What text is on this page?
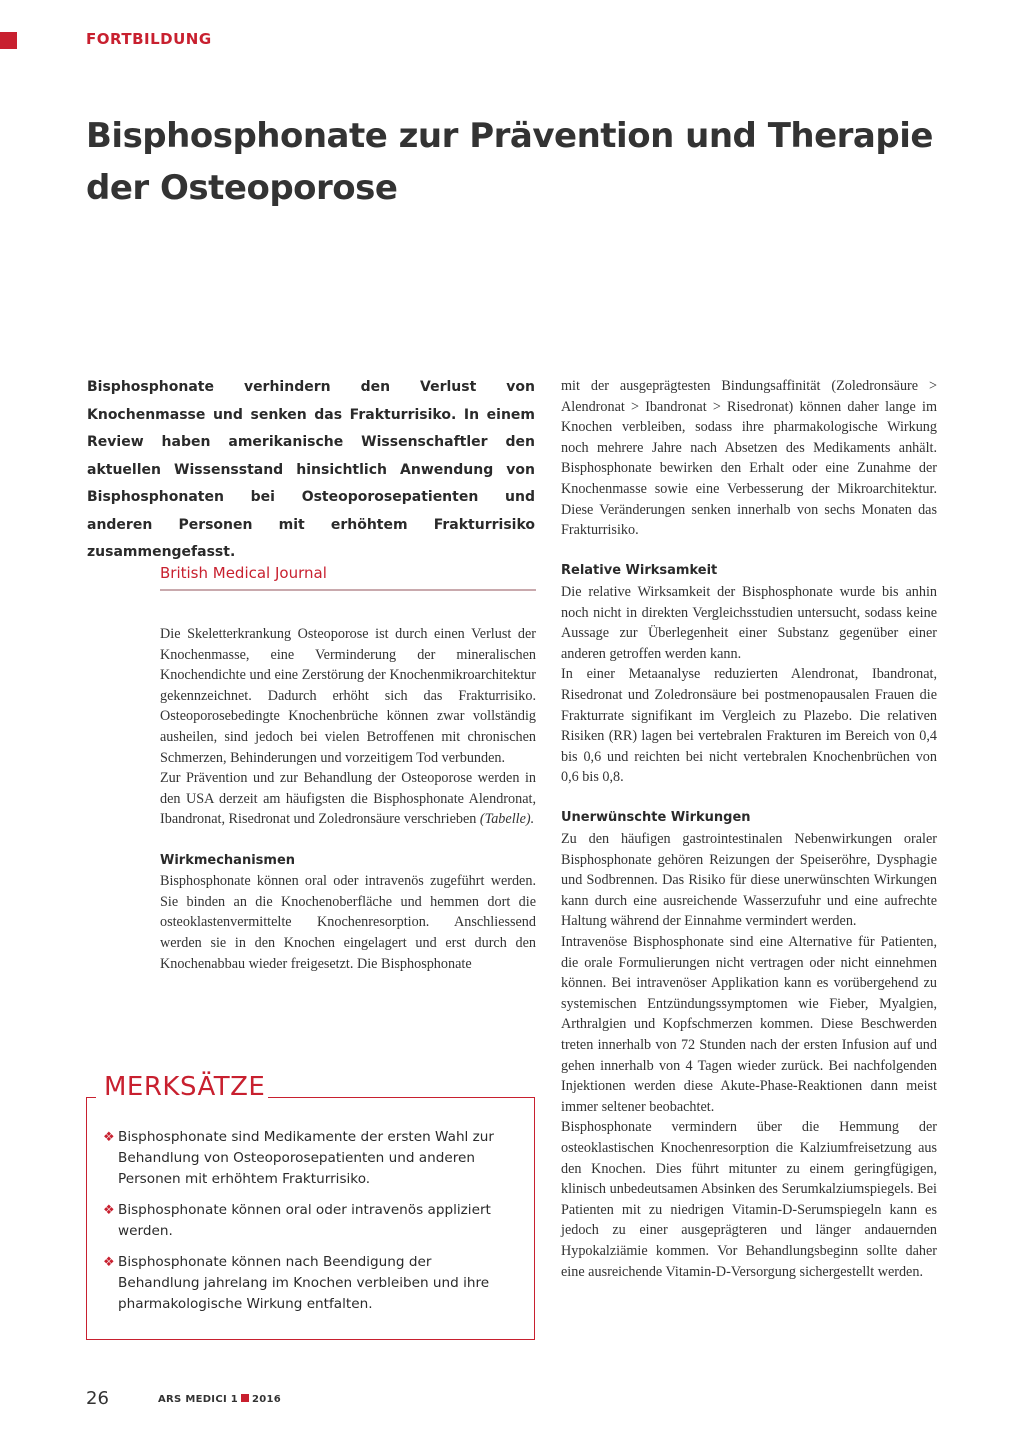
FORTBILDUNG

Bisphosphonate zur Prävention und Therapie
der Osteoporose

Bisphosphonate verhindern den Verlust von Knochenmasse und senken das Frakturrisiko. In einem Review haben amerikanische Wissenschaftler den aktuellen Wissensstand hinsichtlich Anwendung von Bisphosphonaten bei Osteoporosepatienten und anderen Personen mit erhöhtem Frakturrisiko zusammengefasst.

British Medical Journal

Die Skeletterkrankung Osteoporose ist durch einen Verlust der Knochenmasse, eine Verminderung der mineralischen Knochendichte und eine Zerstörung der Knochenmikroarchitektur gekennzeichnet. Dadurch erhöht sich das Frakturrisiko. Osteoporosebedingte Knochenbrüche können zwar vollständig ausheilen, sind jedoch bei vielen Betroffenen mit chronischen Schmerzen, Behinderungen und vorzeitigem Tod verbunden.

Zur Prävention und zur Behandlung der Osteoporose werden in den USA derzeit am häufigsten die Bisphosphonate Alendronat, Ibandronat, Risedronat und Zoledronsäure verschrieben (Tabelle).

Wirkmechanismen

Bisphosphonate können oral oder intravenös zugeführt werden. Sie binden an die Knochenoberfläche und hemmen dort die osteoklastenvermittelte Knochenresorption. Anschliessend werden sie in den Knochen eingelagert und erst durch den Knochenabbau wieder freigesetzt. Die Bisphosphonate

mit der ausgeprägtesten Bindungsaffinität (Zoledronsäure > Alendronat > Ibandronat > Risedronat) können daher lange im Knochen verbleiben, sodass ihre pharmakologische Wirkung noch mehrere Jahre nach Absetzen des Medikaments anhält. Bisphosphonate bewirken den Erhalt oder eine Zunahme der Knochenmasse sowie eine Verbesserung der Mikroarchitektur. Diese Veränderungen senken innerhalb von sechs Monaten das Frakturrisiko.

Relative Wirksamkeit

Die relative Wirksamkeit der Bisphosphonate wurde bis anhin noch nicht in direkten Vergleichsstudien untersucht, sodass keine Aussage zur Überlegenheit einer Substanz gegenüber einer anderen getroffen werden kann.

In einer Metaanalyse reduzierten Alendronat, Ibandronat, Risedronat und Zoledronsäure bei postmenopausalen Frauen die Frakturrate signifikant im Vergleich zu Plazebo. Die relativen Risiken (RR) lagen bei vertebralen Frakturen im Bereich von 0,4 bis 0,6 und reichten bei nicht vertebralen Knochenbrüchen von 0,6 bis 0,8.

Unerwünschte Wirkungen

Zu den häufigen gastrointestinalen Nebenwirkungen oraler Bisphosphonate gehören Reizungen der Speiseröhre, Dysphagie und Sodbrennen. Das Risiko für diese unerwünschten Wirkungen kann durch eine ausreichende Wasserzufuhr und eine aufrechte Haltung während der Einnahme vermindert werden.

Intravenöse Bisphosphonate sind eine Alternative für Patienten, die orale Formulierungen nicht vertragen oder nicht einnehmen können. Bei intravenöser Applikation kann es vorübergehend zu systemischen Entzündungssymptomen wie Fieber, Myalgien, Arthralgien und Kopfschmerzen kommen. Diese Beschwerden treten innerhalb von 72 Stunden nach der ersten Infusion auf und gehen innerhalb von 4 Tagen wieder zurück. Bei nachfolgenden Injektionen werden diese Akute-Phase-Reaktionen dann meist immer seltener beobachtet.

Bisphosphonate vermindern über die Hemmung der osteoklastischen Knochenresorption die Kalziumfreisetzung aus den Knochen. Dies führt mitunter zu einem geringfügigen, klinisch unbedeutsamen Absinken des Serumkalziumspiegels. Bei Patienten mit zu niedrigen Vitamin-D-Serumspiegeln kann es jedoch zu einer ausgeprägteren und länger andauernden Hypokalziämie kommen. Vor Behandlungsbeginn sollte daher eine ausreichende Vitamin-D-Versorgung sichergestellt werden.

MERKSÄTZE

❖ Bisphosphonate sind Medikamente der ersten Wahl zur Behandlung von Osteoporosepatienten und anderen Personen mit erhöhtem Frakturrisiko.
❖ Bisphosphonate können oral oder intravenös appliziert werden.
❖ Bisphosphonate können nach Beendigung der Behandlung jahrelang im Knochen verbleiben und ihre pharmakologische Wirkung entfalten.

26	ARS MEDICI 1 2016
